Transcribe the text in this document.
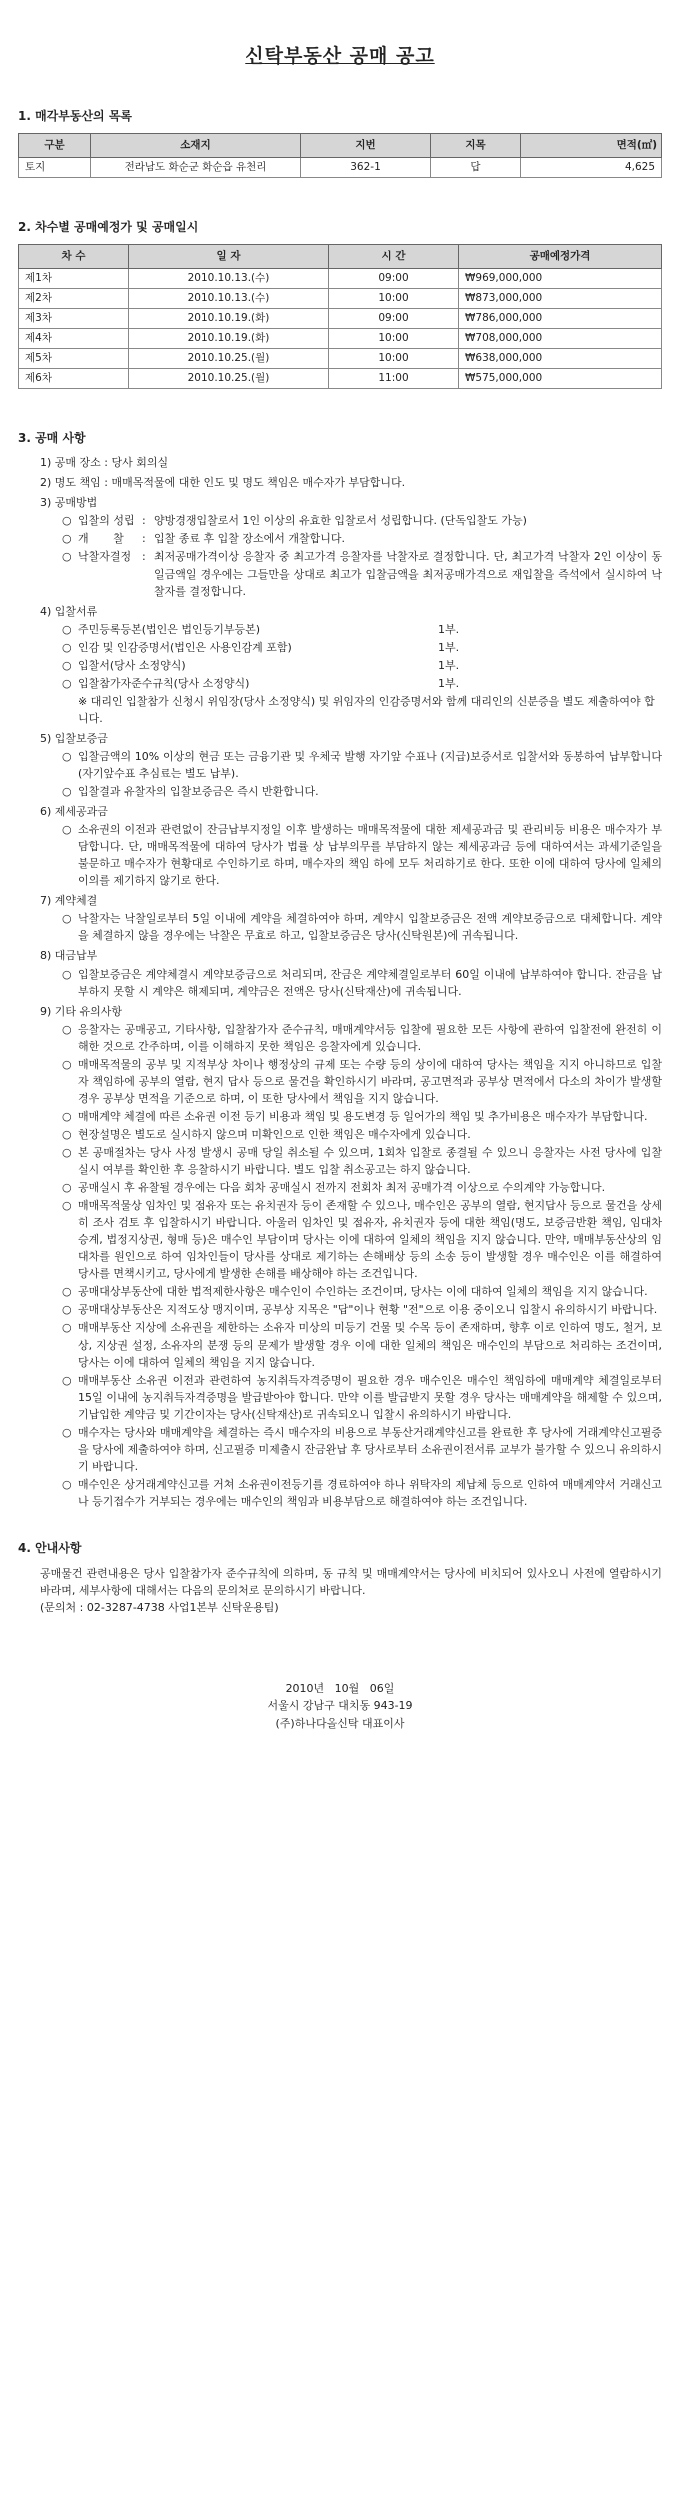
신탁부동산 공매 공고
1. 매각부동산의 목록
구분	소재지	지번	지목	면적(㎡)
토지	전라남도 화순군 화순읍 유천리	362-1	답	4,625
2. 차수별 공매예정가 및 공매일시
차 수	일 자	시 간	공매예정가격
제1차	2010.10.13.(수)	09:00	₩969,000,000
제2차	2010.10.13.(수)	10:00	₩873,000,000
제3차	2010.10.19.(화)	09:00	₩786,000,000
제4차	2010.10.19.(화)	10:00	₩708,000,000
제5차	2010.10.25.(월)	10:00	₩638,000,000
제6차	2010.10.25.(월)	11:00	₩575,000,000
3. 공매 사항
1) 공매 장소 : 당사 회의실
2) 명도 책임 : 매매목적물에 대한 인도 및 명도 책임은 매수자가 부담합니다.
3) 공매방법
○ 입찰의 성립 : 양방경쟁입찰로서 1인 이상의 유효한 입찰로서 성립합니다. (단독입찰도 가능)
○ 개       찰	: 입찰 종료 후 입찰 장소에서 개찰합니다.
○ 낙찰자결정 : 최저공매가격이상 응찰자 중 최고가격 응찰자를 낙찰자로 결정합니다. 단, 최고가격 낙찰자 2인 이상이 동일금액일 경우에는 그들만을 상대로 최고가 입찰금액을 최저공매가격으로 재입찰을 즉석에서 실시하여 낙찰자를 결정합니다.
4) 입찰서류
○ 주민등록등본(법인은 법인등기부등본)	1부.
○ 인감 및 인감증명서(법인은 사용인감계 포함)	1부.
○ 입찰서(당사 소정양식)	1부.
○ 입찰참가자준수규칙(당사 소정양식)	1부.
※ 대리인 입찰참가 신청시 위임장(당사 소정양식) 및 위임자의 인감증명서와 함께 대리인의 신분증을 별도 제출하여야 합니다.
5) 입찰보증금
○ 입찰금액의 10% 이상의 현금 또는 금융기관 및 우체국 발행 자기앞 수표나 (지급)보증서로 입찰서와 동봉하여 납부합니다(자기앞수표 추심료는 별도 납부).
○ 입찰결과 유찰자의 입찰보증금은 즉시 반환합니다.
6) 제세공과금
○ 소유권의 이전과 관련없이 잔금납부지정일 이후 발생하는 매매목적물에 대한 제세공과금 및 관리비등 비용은 매수자가 부담합니다. 단, 매매목적물에 대하여 당사가 법률 상 납부의무를 부담하지 않는 제세공과금 등에 대하여서는 과세기준일을 불문하고 매수자가 현황대로 수인하기로 하며, 매수자의 책임 하에 모두 처리하기로 한다. 또한 이에 대하여 당사에 일체의 이의를 제기하지 않기로 한다.
7) 계약체결
○ 낙찰자는 낙찰일로부터 5일 이내에 계약을 체결하여야 하며, 계약시 입찰보증금은 전액 계약보증금으로 대체합니다. 계약을 체결하지 않을 경우에는 낙찰은 무효로 하고, 입찰보증금은 당사(신탁원본)에 귀속됩니다.
8) 대금납부
○ 입찰보증금은 계약체결시 계약보증금으로 처리되며, 잔금은 계약체결일로부터 60일 이내에 납부하여야 합니다. 잔금을 납부하지 못할 시 계약은 해제되며, 계약금은 전액은 당사(신탁재산)에 귀속됩니다.
9) 기타 유의사항
○ 응찰자는 공매공고, 기타사항, 입찰참가자 준수규칙, 매매계약서등 입찰에 필요한 모든 사항에 관하여 입찰전에 완전히 이해한 것으로 간주하며, 이를 이해하지 못한 책임은 응찰자에게 있습니다.
○ 매매목적물의 공부 및 지적부상 차이나 행정상의 규제 또는 수량 등의 상이에 대하여 당사는 책임을 지지 아니하므로 입찰자 책임하에 공부의 열람, 현지 답사 등으로 물건을 확인하시기 바라며, 공고면적과 공부상 면적에서 다소의 차이가 발생할 경우 공부상 면적을 기준으로 하며, 이 또한 당사에서 책임을 지지 않습니다.
○ 매매계약 체결에 따른 소유권 이전 등기 비용과 책임 및 용도변경 등 일어가의 책임 및 추가비용은 매수자가 부담합니다.
○ 현장설명은 별도로 실시하지 않으며 미확인으로 인한 책임은 매수자에게 있습니다.
○ 본 공매절차는 당사 사정 발생시 공매 당일 취소될 수 있으며, 1회차 입찰로 종결될 수 있으니 응찰자는 사전 당사에 입찰 실시 여부를 확인한 후 응찰하시기 바랍니다. 별도 입찰 취소공고는 하지 않습니다.
○ 공매실시 후 유찰될 경우에는 다음 회차 공매실시 전까지 전회차 최저 공매가격 이상으로 수의계약 가능합니다.
○ 매매목적물상 임차인 및 점유자 또는 유치권자 등이 존재할 수 있으나, 매수인은 공부의 열람, 현지답사 등으로 물건을 상세히 조사 검토 후 입찰하시기 바랍니다. 아울러 임차인 및 점유자, 유치권자 등에 대한 책임(명도, 보증금반환 책임, 임대차 승계, 법정지상권, 형매 등)은 매수인 부담이며 당사는 이에 대하여 일체의 책임을 지지 않습니다. 만약, 매매부동산상의 임대차를 원인으로 하여 임차인들이 당사를 상대로 제기하는 손해배상 등의 소송 등이 발생할 경우 매수인은 이를 해결하여 당사를 면책시키고, 당사에게 발생한 손해를 배상해야 하는 조건입니다.
○ 공매대상부동산에 대한 법적제한사항은 매수인이 수인하는 조건이며, 당사는 이에 대하여 일체의 책임을 지지 않습니다.
○ 공매대상부동산은 지적도상 맹지이며, 공부상 지목은 "답"이나 현황 "전"으로 이용 중이오니 입찰시 유의하시기 바랍니다.
○ 매매부동산 지상에 소유권을 제한하는 소유자 미상의 미등기 건물 및 수목 등이 존재하며, 향후 이로 인하여 명도, 철거, 보상, 지상권 설정, 소유자의 분쟁 등의 문제가 발생할 경우 이에 대한 일체의 책임은 매수인의 부담으로 처리하는 조건이며, 당사는 이에 대하여 일체의 책임을 지지 않습니다.
○ 매매부동산 소유권 이전과 관련하여 농지취득자격증명이 필요한 경우 매수인은 매수인 책임하에 매매계약 체결일로부터 15일 이내에 농지취득자격증명을 발급받아야 합니다. 만약 이를 발급받지 못할 경우 당사는 매매계약을 해제할 수 있으며, 기납입한 계약금 및 기간이자는 당사(신탁재산)로 귀속되오니 입찰시 유의하시기 바랍니다.
○ 매수자는 당사와 매매계약을 체결하는 즉시 매수자의 비용으로 부동산거래계약신고를 완료한 후 당사에 거래계약신고필증을 당사에 제출하여야 하며, 신고필증 미제출시 잔금완납 후 당사로부터 소유권이전서류 교부가 불가할 수 있으니 유의하시기 바랍니다.
○ 매수인은 상거래계약신고를 거쳐 소유권이전등기를 경료하여야 하나 위탁자의 제납체 등으로 인하여 매매계약서 거래신고나 등기접수가 거부되는 경우에는 매수인의 책임과 비용부담으로 해결하여야 하는 조건입니다.
4. 안내사항
공매물건 관련내용은 당사 입찰참가자 준수규칙에 의하며, 동 규칙 및 매매계약서는 당사에 비치되어 있사오니 사전에 열람하시기 바라며, 세부사항에 대해서는 다음의 문의처로 문의하시기 바랍니다.
(문의처 : 02-3287-4738 사업1본부 신탁운용팀)
2010년   10월   06일
서울시 강남구 대치동 943-19
(주)하나다올신탁 대표이사
